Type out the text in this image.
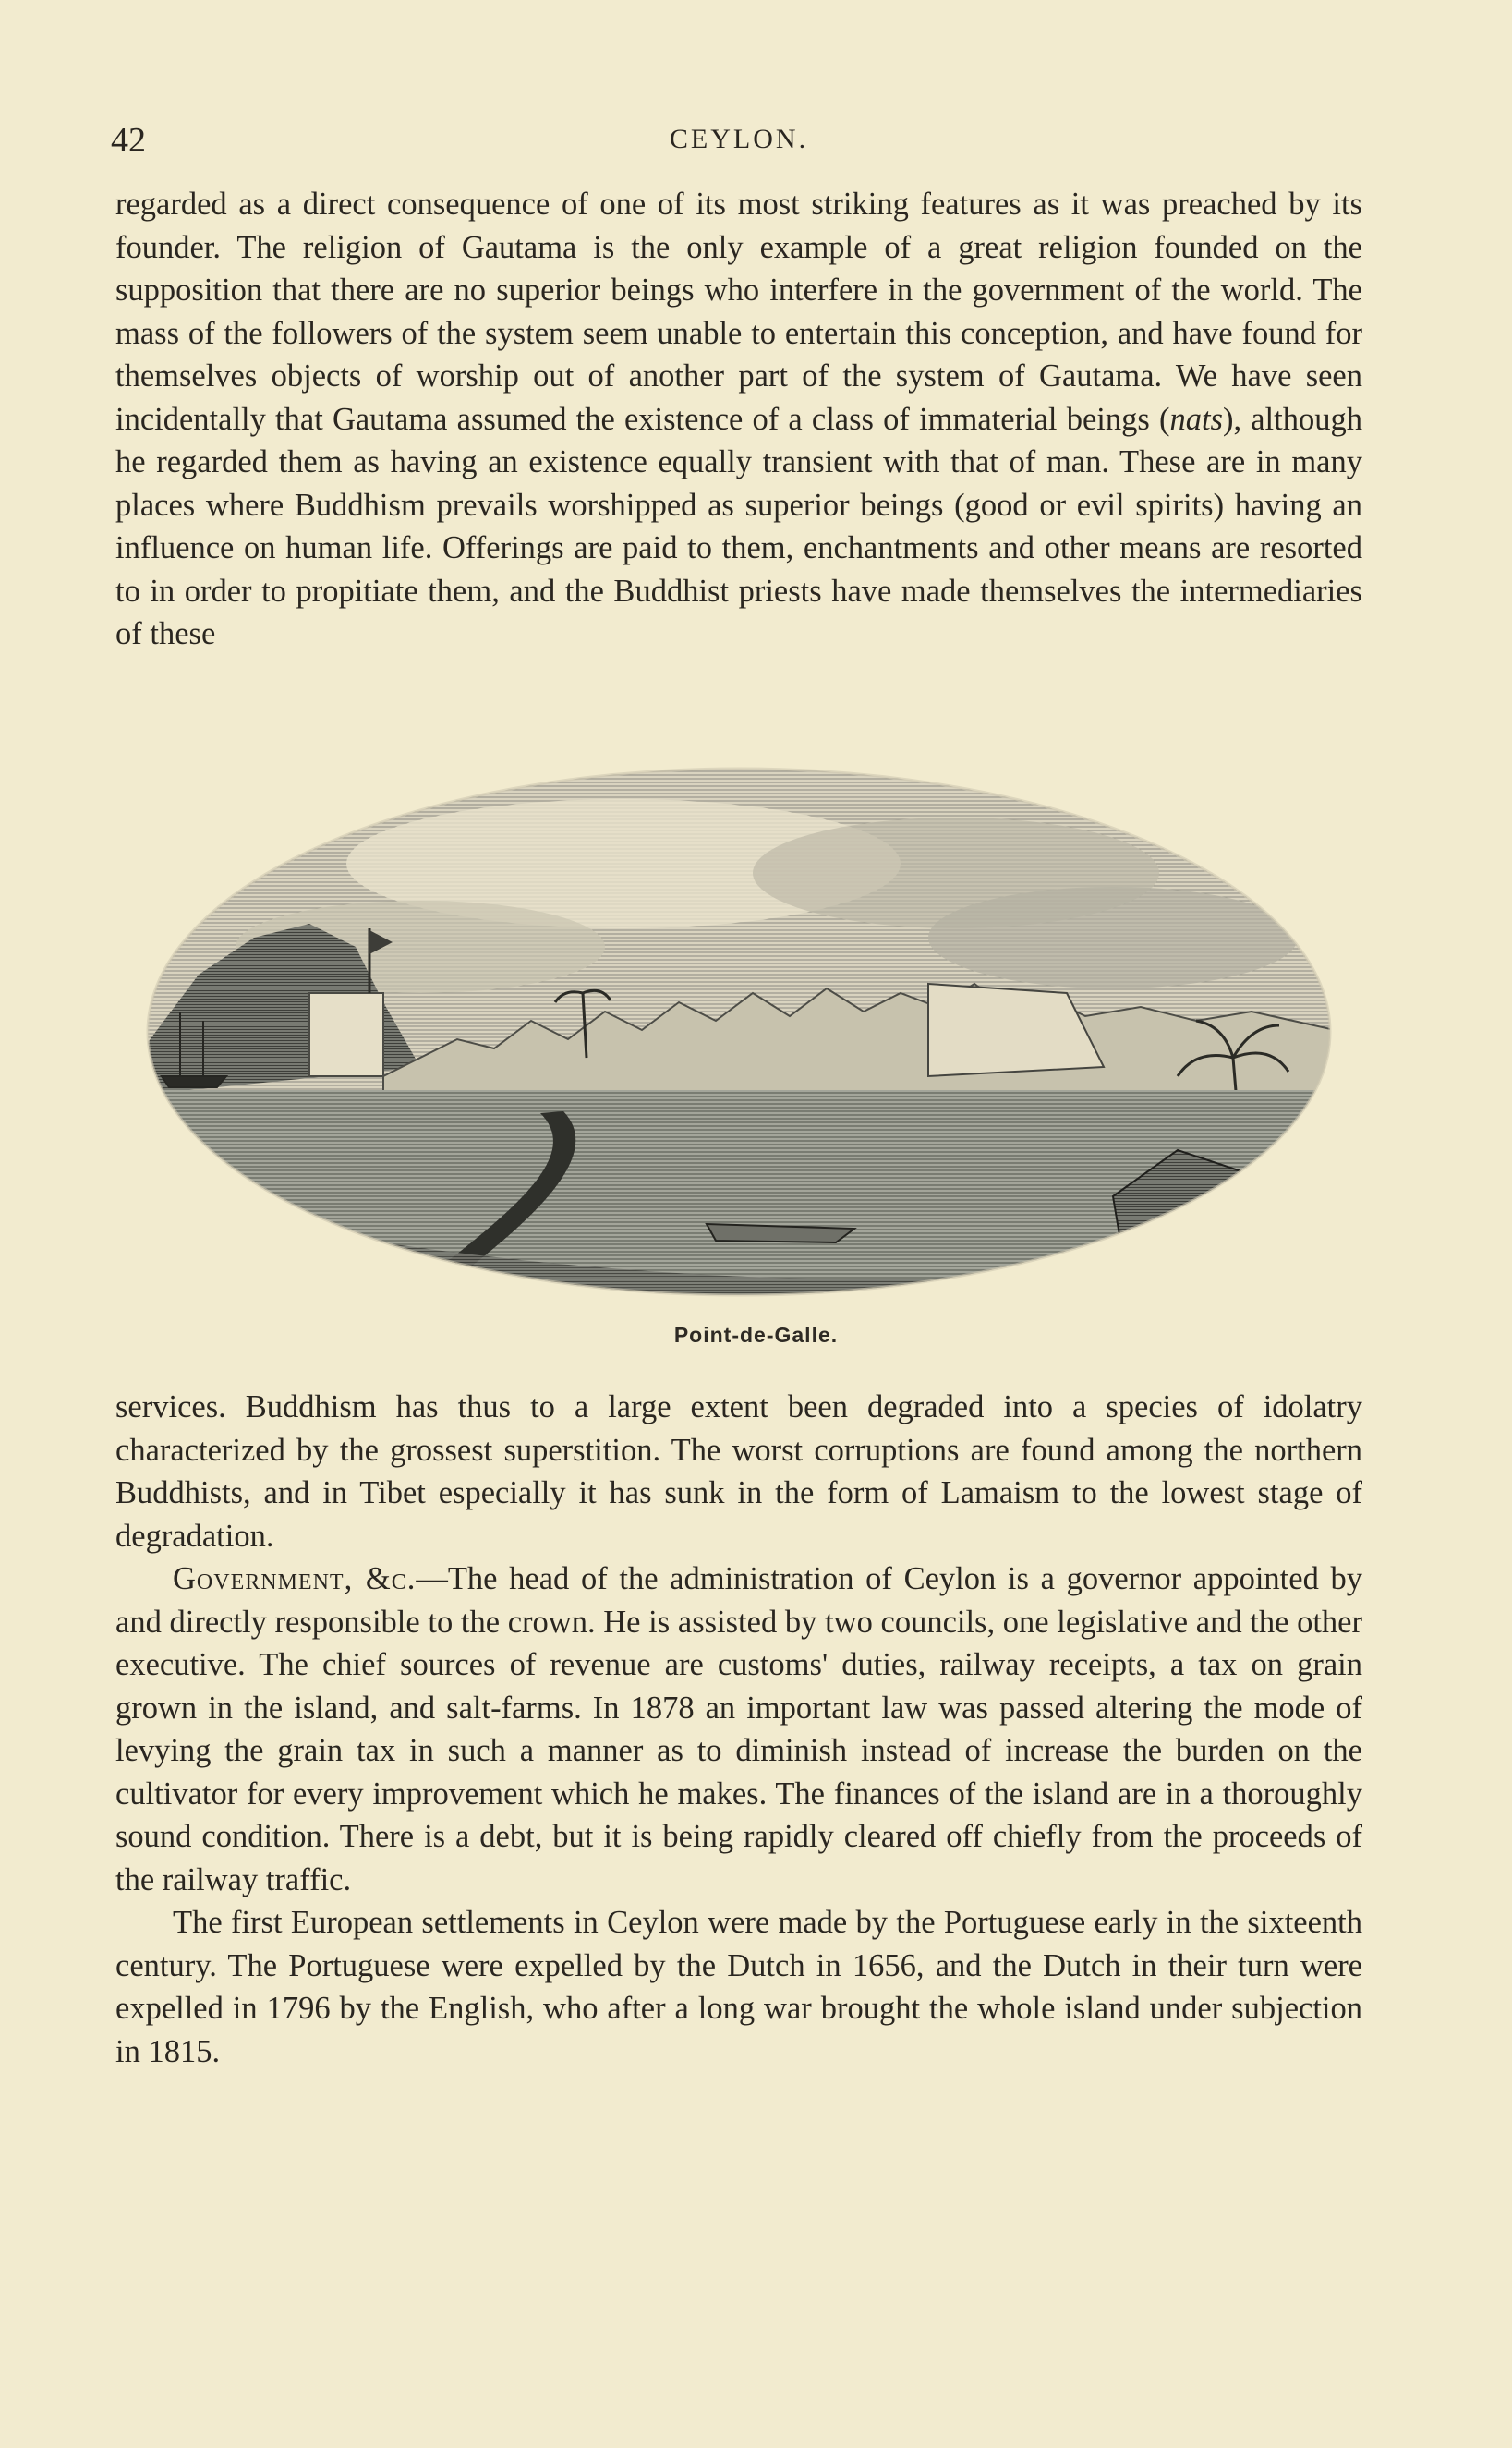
42	CEYLON.

regarded as a direct consequence of one of its most striking features as it was preached by its founder. The religion of Gautama is the only example of a great religion founded on the supposition that there are no superior beings who interfere in the government of the world. The mass of the followers of the system seem unable to entertain this conception, and have found for themselves objects of worship out of another part of the system of Gautama. We have seen incidentally that Gautama assumed the existence of a class of immaterial beings (nats), although he regarded them as having an existence equally transient with that of man. These are in many places where Buddhism prevails worshipped as superior beings (good or evil spirits) having an influence on human life. Offerings are paid to them, enchantments and other means are resorted to in order to propitiate them, and the Buddhist priests have made themselves the intermediaries of these

Point-de-Galle.

services. Buddhism has thus to a large extent been degraded into a species of idolatry characterized by the grossest superstition. The worst corruptions are found among the northern Buddhists, and in Tibet especially it has sunk in the form of Lamaism to the lowest stage of degradation.

Government, &c.—The head of the administration of Ceylon is a governor appointed by and directly responsible to the crown. He is assisted by two councils, one legislative and the other executive. The chief sources of revenue are customs' duties, railway receipts, a tax on grain grown in the island, and salt-farms. In 1878 an important law was passed altering the mode of levying the grain tax in such a manner as to diminish instead of increase the burden on the cultivator for every improvement which he makes. The finances of the island are in a thoroughly sound condition. There is a debt, but it is being rapidly cleared off chiefly from the proceeds of the railway traffic.

The first European settlements in Ceylon were made by the Portuguese early in the sixteenth century. The Portuguese were expelled by the Dutch in 1656, and the Dutch in their turn were expelled in 1796 by the English, who after a long war brought the whole island under subjection in 1815.
